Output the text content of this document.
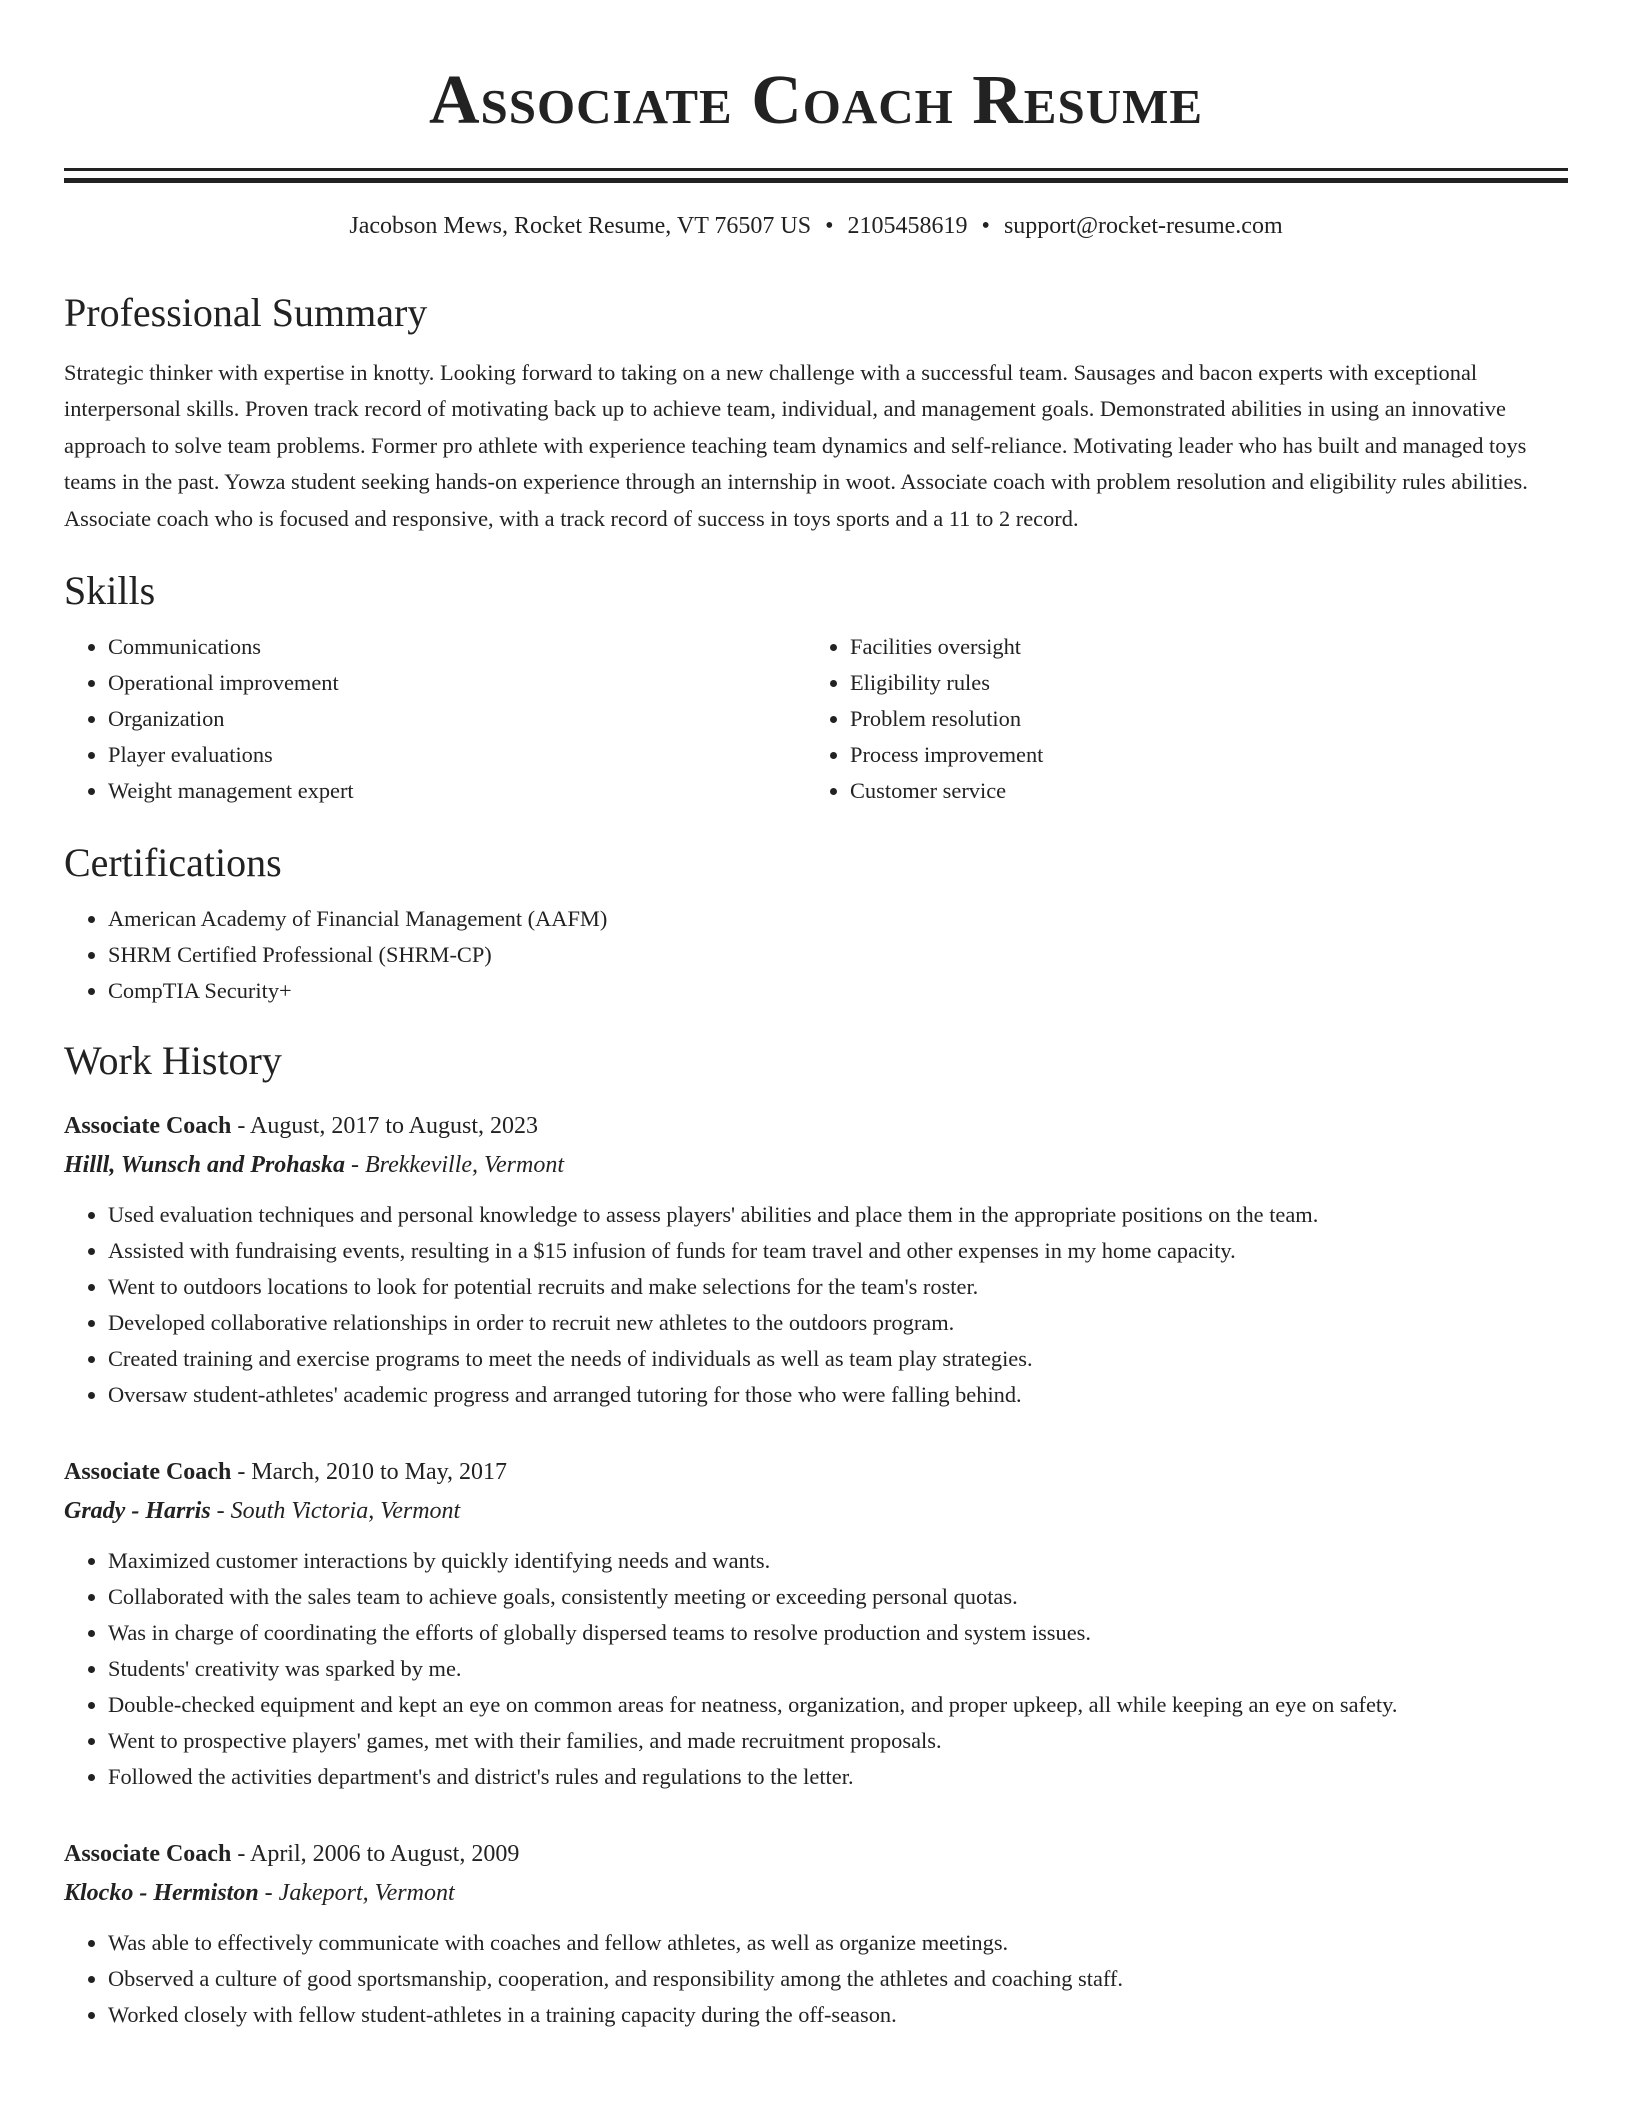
Associate Coach Resume
Jacobson Mews, Rocket Resume, VT 76507 US • 2105458619 • support@rocket-resume.com
Professional Summary
Strategic thinker with expertise in knotty. Looking forward to taking on a new challenge with a successful team. Sausages and bacon experts with exceptional interpersonal skills. Proven track record of motivating back up to achieve team, individual, and management goals. Demonstrated abilities in using an innovative approach to solve team problems. Former pro athlete with experience teaching team dynamics and self-reliance. Motivating leader who has built and managed toys teams in the past. Yowza student seeking hands-on experience through an internship in woot. Associate coach with problem resolution and eligibility rules abilities. Associate coach who is focused and responsive, with a track record of success in toys sports and a 11 to 2 record.
Skills
• Communications
• Operational improvement
• Organization
• Player evaluations
• Weight management expert
• Facilities oversight
• Eligibility rules
• Problem resolution
• Process improvement
• Customer service
Certifications
• American Academy of Financial Management (AAFM)
• SHRM Certified Professional (SHRM-CP)
• CompTIA Security+
Work History
Associate Coach - August, 2017 to August, 2023
Hilll, Wunsch and Prohaska - Brekkeville, Vermont
• Used evaluation techniques and personal knowledge to assess players' abilities and place them in the appropriate positions on the team.
• Assisted with fundraising events, resulting in a $15 infusion of funds for team travel and other expenses in my home capacity.
• Went to outdoors locations to look for potential recruits and make selections for the team's roster.
• Developed collaborative relationships in order to recruit new athletes to the outdoors program.
• Created training and exercise programs to meet the needs of individuals as well as team play strategies.
• Oversaw student-athletes' academic progress and arranged tutoring for those who were falling behind.
Associate Coach - March, 2010 to May, 2017
Grady - Harris - South Victoria, Vermont
• Maximized customer interactions by quickly identifying needs and wants.
• Collaborated with the sales team to achieve goals, consistently meeting or exceeding personal quotas.
• Was in charge of coordinating the efforts of globally dispersed teams to resolve production and system issues.
• Students' creativity was sparked by me.
• Double-checked equipment and kept an eye on common areas for neatness, organization, and proper upkeep, all while keeping an eye on safety.
• Went to prospective players' games, met with their families, and made recruitment proposals.
• Followed the activities department's and district's rules and regulations to the letter.
Associate Coach - April, 2006 to August, 2009
Klocko - Hermiston - Jakeport, Vermont
• Was able to effectively communicate with coaches and fellow athletes, as well as organize meetings.
• Observed a culture of good sportsmanship, cooperation, and responsibility among the athletes and coaching staff.
• Worked closely with fellow student-athletes in a training capacity during the off-season.
